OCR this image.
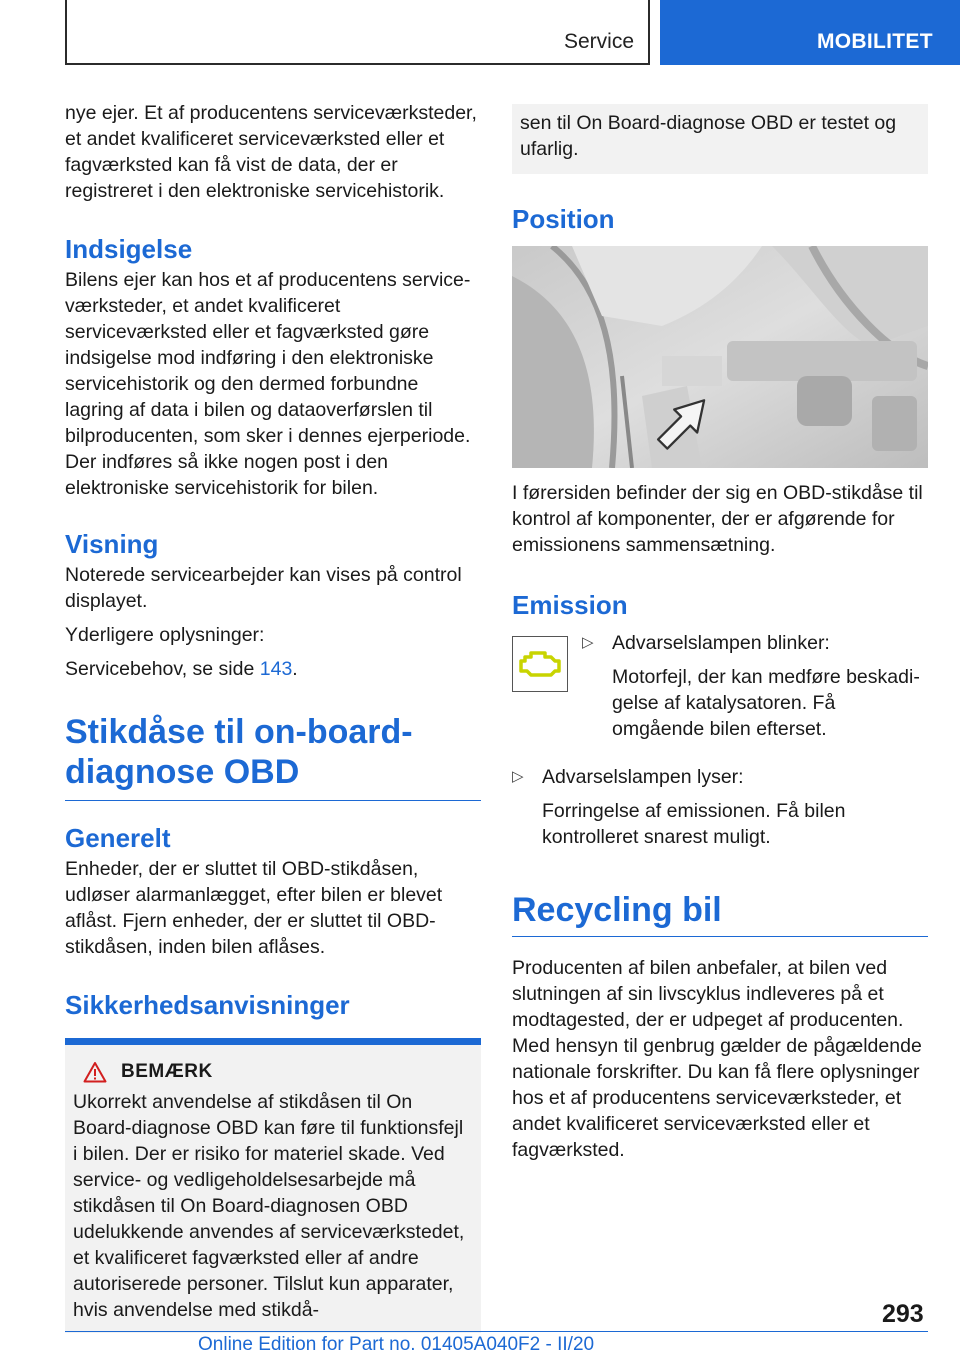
Service	MOBILITET

nye ejer. Et af producentens serviceværksteder, et andet kvalificeret serviceværksted eller et fagværksted kan få vist de data, der er registreret i den elektroniske servicehistorik.

Indsigelse

Bilens ejer kan hos et af producentens serviceværksteder, et andet kvalificeret serviceværksted eller et fagværksted gøre indsigelse mod indføring i den elektroniske servicehistorik og den dermed forbundne lagring af data i bilen og dataoverførslen til bilproducenten, som sker i dennes ejerperiode. Der indføres så ikke nogen post i den elektroniske servicehistorik for bilen.

Visning

Noterede servicearbejder kan vises på control displayet.

Yderligere oplysninger:

Servicebehov, se side 143.

Stikdåse til on-board-
diagnose OBD
Generelt

Enheder, der er sluttet til OBD-stikdåsen, udløser alarmanlægget, efter bilen er blevet aflåst. Fjern enheder, der er sluttet til OBD-stikdåsen, inden bilen aflåses.

Sikkerhedsanvisninger
BEMÆRK

Ukorrekt anvendelse af stikdåsen til On Board-diagnose OBD kan føre til funktionsfejl i bilen. Der er risiko for materiel skade. Ved service- og vedligeholdelsesarbejde må stikdåsen til On Board-diagnosen OBD udelukkende anvendes af serviceværkstedet, et kvalificeret fagværksted eller af andre autoriserede personer. Tilslut kun apparater, hvis anvendelse med stikdå-

sen til On Board-diagnose OBD er testet og ufarlig.

Position

I førersiden befinder der sig en OBD-stikdåse til kontrol af komponenter, der er afgørende for emissionens sammensætning.

Emission
▷ Advarselslampen blinker:

Motorfejl, der kan medføre beskadigelse af katalysatoren. Få omgående bilen efterset.

▷ Advarselslampen lyser:

Forringelse af emissionen. Få bilen kontrolleret snarest muligt.

Recycling bil

Producenten af bilen anbefaler, at bilen ved slutningen af sin livscyklus indleveres på et modtagested, der er udpeget af producenten. Med hensyn til genbrug gælder de pågældende nationale forskrifter. Du kan få flere oplysninger hos et af producentens serviceværksteder, et andet kvalificeret serviceværksted eller et fagværksted.

293
Online Edition for Part no. 01405A040F2 - II/20
